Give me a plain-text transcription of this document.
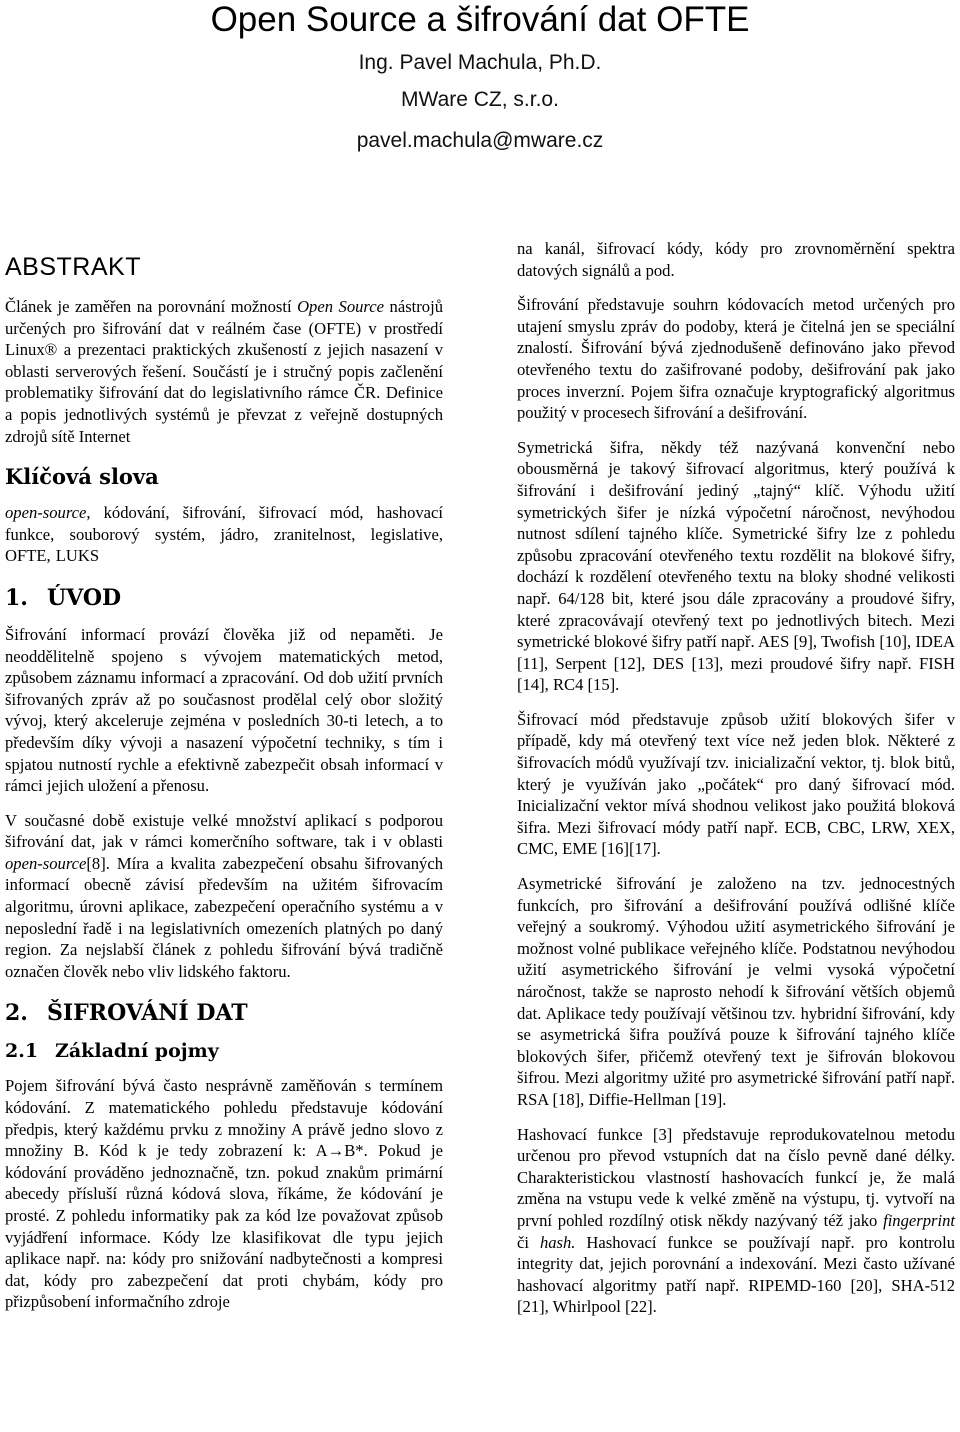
Open Source a šifrování dat OFTE
Ing. Pavel Machula, Ph.D.
MWare CZ, s.r.o.
pavel.machula@mware.cz
ABSTRAKT

Článek je zaměřen na porovnání možností Open Source nástrojů určených pro šifrování dat v reálném čase (OFTE) v prostředí Linux® a prezentaci praktických zkušeností z jejich nasazení v oblasti serverových řešení. Součástí je i stručný popis začlenění problematiky šifrování dat do legislativního rámce ČR. Definice a popis jednotlivých systémů je převzat z veřejně dostupných zdrojů sítě Internet

Klíčová slova

open-source, kódování, šifrování, šifrovací mód, hashovací funkce, souborový systém, jádro, zranitelnost, legislative, OFTE, LUKS

1. ÚVOD

Šifrování informací provází člověka již od nepaměti. Je neoddělitelně spojeno s vývojem matematických metod, způsobem záznamu informací a zpracování. Od dob užití prvních šifrovaných zpráv až po současnost prodělal celý obor složitý vývoj, který akceleruje zejména v posledních 30-ti letech, a to především díky vývoji a nasazení výpočetní techniky, s tím i spjatou nutností rychle a efektivně zabezpečit obsah informací v rámci jejich uložení a přenosu.

V současné době existuje velké množství aplikací s podporou šifrování dat, jak v rámci komerčního software, tak i v oblasti open-source[8]. Míra a kvalita zabezpečení obsahu šifrovaných informací obecně závisí především na užitém šifrovacím algoritmu, úrovni aplikace, zabezpečení operačního systému a v neposlední řadě i na legislativních omezeních platných po daný region. Za nejslabší článek z pohledu šifrování bývá tradičně označen člověk nebo vliv lidského faktoru.

2. ŠIFROVÁNÍ DAT
2.1 Základní pojmy

Pojem šifrování bývá často nesprávně zaměňován s termínem kódování. Z matematického pohledu představuje kódování předpis, který každému prvku z množiny A právě jedno slovo z množiny B. Kód k je tedy zobrazení k: A→B*. Pokud je kódování prováděno jednoznačně, tzn. pokud znakům primární abecedy přísluší různá kódová slova, říkáme, že kódování je prosté. Z pohledu informatiky pak za kód lze považovat způsob vyjádření informace. Kódy lze klasifikovat dle typu jejich aplikace např. na: kódy pro snižování nadbytečnosti a kompresi dat, kódy pro zabezpečení dat proti chybám, kódy pro přizpůsobení informačního zdroje

na kanál, šifrovací kódy, kódy pro zrovnoměrnění spektra datových signálů a pod.

Šifrování představuje souhrn kódovacích metod určených pro utajení smyslu zpráv do podoby, která je čitelná jen se speciální znalostí. Šifrování bývá zjednodušeně definováno jako převod otevřeného textu do zašifrované podoby, dešifrování pak jako proces inverzní. Pojem šifra označuje kryptografický algoritmus použitý v procesech šifrování a dešifrování.

Symetrická šifra, někdy též nazývaná konvenční nebo obousměrná je takový šifrovací algoritmus, který používá k šifrování i dešifrování jediný „tajný“ klíč. Výhodu užití symetrických šifer je nízká výpočetní náročnost, nevýhodou nutnost sdílení tajného klíče. Symetrické šifry lze z pohledu způsobu zpracování otevřeného textu rozdělit na blokové šifry, dochází k rozdělení otevřeného textu na bloky shodné velikosti např. 64/128 bit, které jsou dále zpracovány a proudové šifry, které zpracovávají otevřený text po jednotlivých bitech. Mezi symetrické blokové šifry patří např. AES [9], Twofish [10], IDEA [11], Serpent [12], DES [13], mezi proudové šifry např. FISH [14], RC4 [15].

Šifrovací mód představuje způsob užití blokových šifer v případě, kdy má otevřený text více než jeden blok. Některé z šifrovacích módů využívají tzv. inicializační vektor, tj. blok bitů, který je využíván jako „počátek“ pro daný šifrovací mód. Inicializační vektor mívá shodnou velikost jako použitá bloková šifra. Mezi šifrovací módy patří např. ECB, CBC, LRW, XEX, CMC, EME [16][17].

Asymetrické šifrování je založeno na tzv. jednocestných funkcích, pro šifrování a dešifrování používá odlišné klíče veřejný a soukromý. Výhodou užití asymetrického šifrování je možnost volné publikace veřejného klíče. Podstatnou nevýhodou užití asymetrického šifrování je velmi vysoká výpočetní náročnost, takže se naprosto nehodí k šifrování větších objemů dat. Aplikace tedy používají většinou tzv. hybridní šifrování, kdy se asymetrická šifra používá pouze k šifrování tajného klíče blokových šifer, přičemž otevřený text je šifrován blokovou šifrou. Mezi algoritmy užité pro asymetrické šifrování patří např. RSA [18], Diffie-Hellman [19].

Hashovací funkce [3] představuje reprodukovatelnou metodu určenou pro převod vstupních dat na číslo pevně dané délky. Charakteristickou vlastností hashovacích funkcí je, že malá změna na vstupu vede k velké změně na výstupu, tj. vytvoří na první pohled rozdílný otisk někdy nazývaný též jako fingerprint či hash. Hashovací funkce se používají např. pro kontrolu integrity dat, jejich porovnání a indexování. Mezi často užívané hashovací algoritmy patří např. RIPEMD-160 [20], SHA-512 [21], Whirlpool [22].
